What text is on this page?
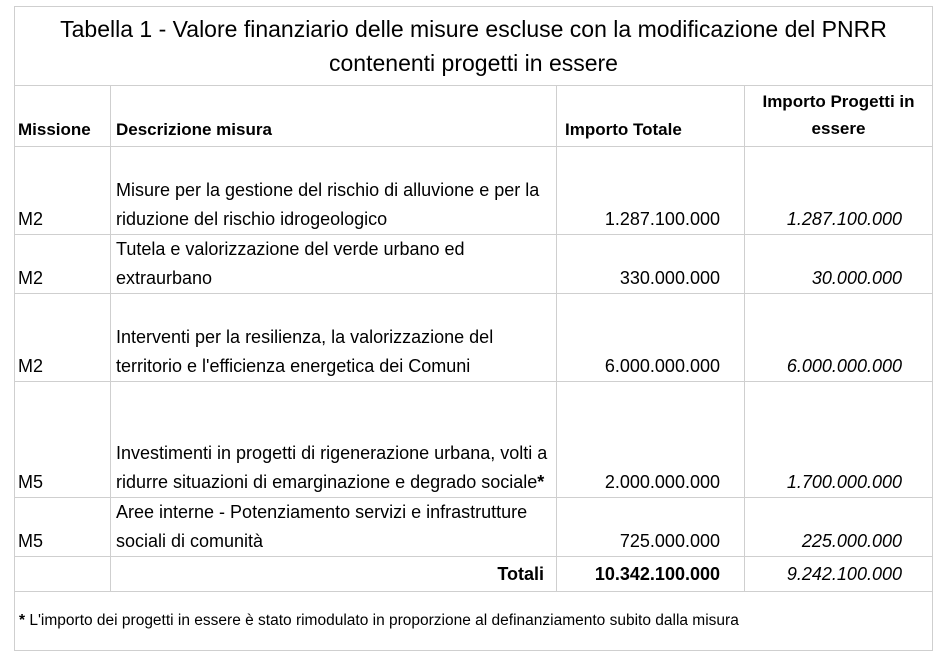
Tabella 1 - Valore finanziario delle misure escluse con la modificazione del PNRR contenenti progetti in essere			
Missione	Descrizione misura	Importo Totale	Importo Progetti in essere
M2	Misure per la gestione del rischio di alluvione e per la riduzione del rischio idrogeologico	1.287.100.000	1.287.100.000
M2	Tutela e valorizzazione del verde urbano ed extraurbano	330.000.000	30.000.000
M2	Interventi per la resilienza, la valorizzazione del territorio e l'efficienza energetica dei Comuni	6.000.000.000	6.000.000.000
M5	Investimenti in progetti di rigenerazione urbana, volti a ridurre situazioni di emarginazione e degrado sociale*	2.000.000.000	1.700.000.000
M5	Aree interne - Potenziamento servizi e infrastrutture sociali di comunità	725.000.000	225.000.000
	Totali	10.342.100.000	9.242.100.000
* L'importo dei progetti in essere è stato rimodulato in proporzione al definanziamento subito dalla misura			
